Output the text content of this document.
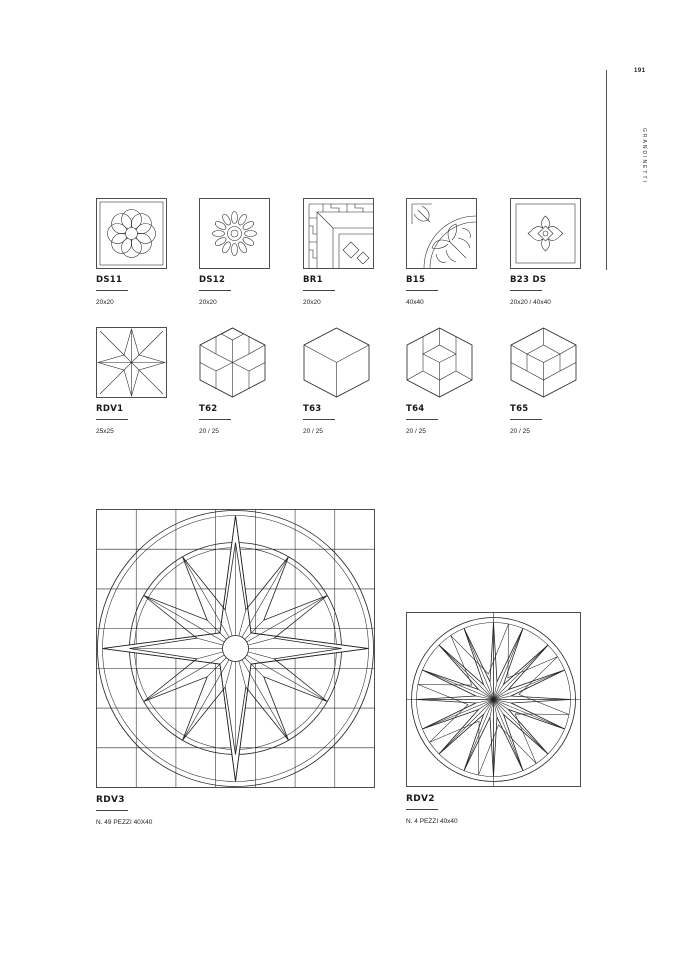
191
GRANDINETTI
DS11
20x20
DS12
20x20
BR1
20x20
B15
40x40
B23 DS
20x20 / 40x40
RDV1
25x25
T62
20 / 25
T63
20 / 25
T64
20 / 25
T65
20 / 25
RDV3
N. 49 PEZZI 40X40
RDV2
N. 4 PEZZI 40x40
